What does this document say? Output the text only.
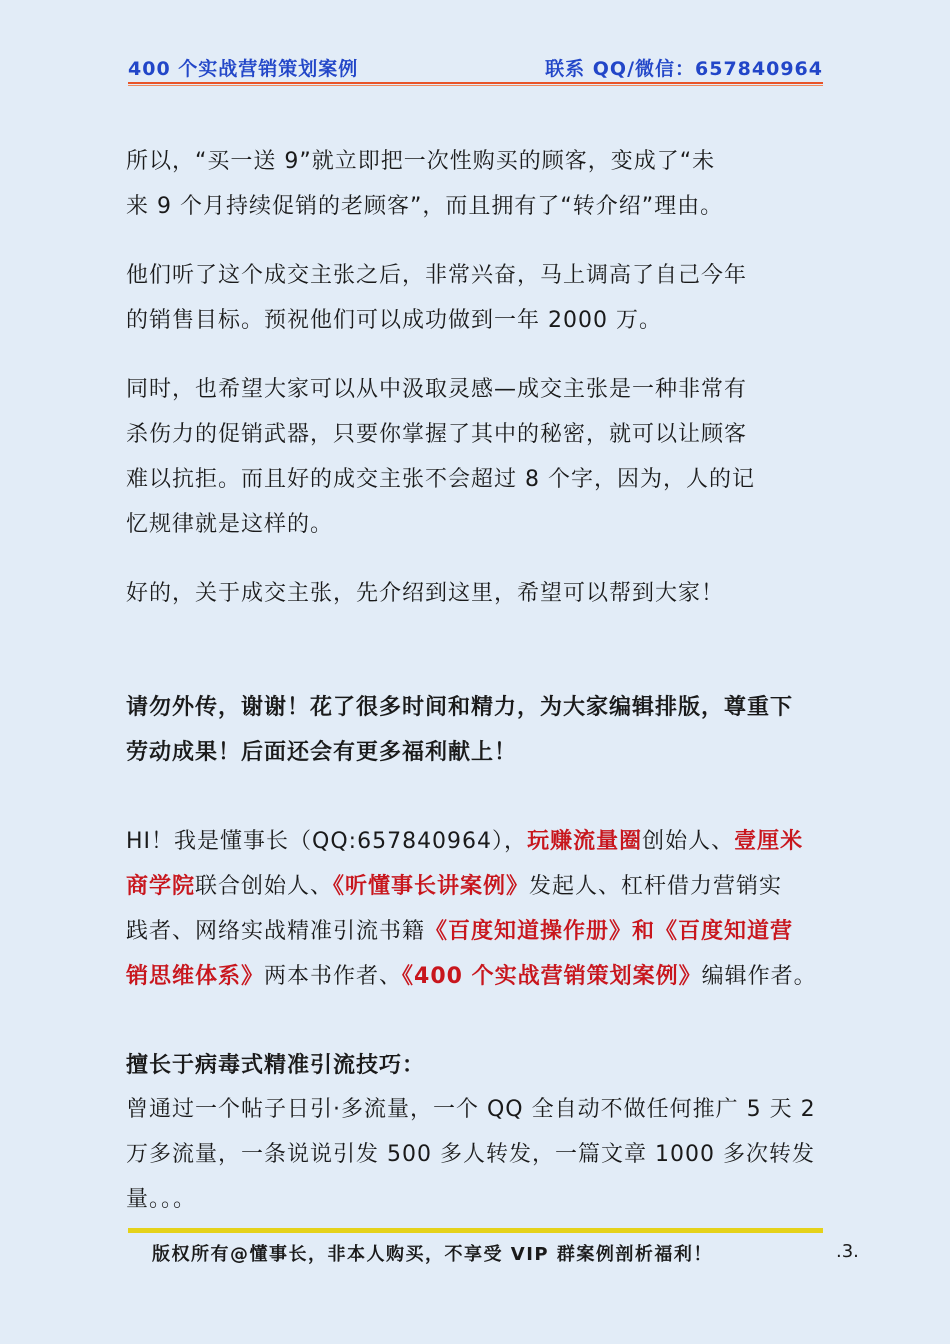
400 个实战营销策划案例	联系 QQ/微信：657840964
所以，“买一送 9”就立即把一次性购买的顾客，变成了“未
来 9 个月持续促销的老顾客”，而且拥有了“转介绍”理由。
他们听了这个成交主张之后，非常兴奋，马上调高了自己今年
的销售目标。预祝他们可以成功做到一年 2000 万。
同时，也希望大家可以从中汲取灵感—成交主张是一种非常有
杀伤力的促销武器，只要你掌握了其中的秘密，就可以让顾客
难以抗拒。而且好的成交主张不会超过 8 个字，因为，人的记
忆规律就是这样的。
好的，关于成交主张，先介绍到这里，希望可以帮到大家！
请勿外传，谢谢！花了很多时间和精力，为大家编辑排版，尊重下
劳动成果！后面还会有更多福利献上！
HI！我是懂事长（QQ:657840964），玩赚流量圈创始人、壹厘米
商学院联合创始人、《听懂事长讲案例》发起人、杠杆借力营销实
践者、网络实战精准引流书籍《百度知道操作册》和《百度知道营
销思维体系》两本书作者、《400 个实战营销策划案例》编辑作者。
擅长于病毒式精准引流技巧：
曾通过一个帖子日引·多流量，一个 QQ 全自动不做任何推广 5 天 2
万多流量，一条说说引发 500 多人转发，一篇文章 1000 多次转发
量。。。
版权所有@懂事长，非本人购买，不享受 VIP 群案例剖析福利！	.3.
